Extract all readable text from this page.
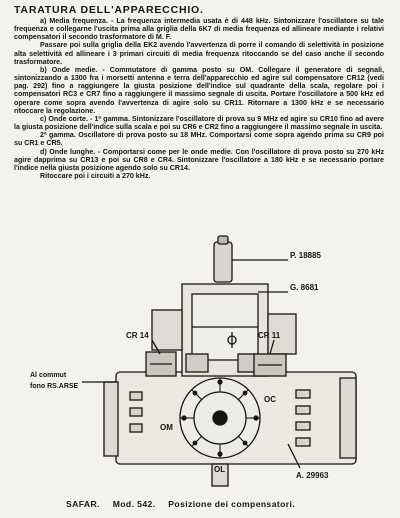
TARATURA DELL'APPARECCHIO.

a) Media frequenza. - La frequenza intermedia usata è di 448 kHz. Sintonizzare l'oscillatore su tale frequenza e collegarne l'uscita prima alla griglia della 6K7 di media frequenza ed allineare mediante i relativi compensatori il secondo trasformatore di M. F.

Passare poi sulla griglia della EK2 avendo l'avvertenza di porre il comando di selettività in posizione alta selettività ed allineare i 3 primari circuiti di media frequenza ritoccando se del caso anche il secondo trasformatore.

b) Onde medie. - Commutatore di gamma posto su OM. Collegare il generatore di segnali, sintonizzando a 1300 fra i morsetti antenna e terra dell'apparecchio ed agire sul compensatore CR12 (vedi pag. 292) fino a raggiungere la giusta posizione dell'indice sul quadrante della scala, regolare poi i compensatori RC3 e CR7 fino a raggiungere il massimo segnale di uscita. Portare l'oscillatore a 500 kHz ed operare come sopra avendo l'avvertenza di agire solo su CR11. Ritornare a 1300 kHz e se necessario ritoccare la regolazione.

c) Onde corte. - 1ª gamma. Sintonizzare l'oscillatore di prova su 9 MHz ed agire su CR10 fino ad avere la giusta posizione dell'indice sulla scala e poi su CR6 e CR2 fino a raggiungere il massimo segnale in uscita.

2ª gamma. Oscillatore di prova posto su 18 MHz. Comportarsi come sopra agendo prima su CR9 poi su CR1 e CR5.

d) Onde lunghe. - Comportarsi come per le onde medie. Con l'oscillatore di prova posto su 270 kHz agire dapprima su CR13 e poi su CR8 e CR4. Sintonizzare l'oscillatore a 180 kHz e se necessario portare l'indice nella giusta posizione agendo solo su CR14.

Ritoccare poi i circuiti a 270 kHz.

P. 18885
G. 8681
CR 14	CR 11
Al commut
fono RS.ARSE
OM
OL
OC
A. 29963
SAFAR. Mod. 542. Posizione dei compensatori.
